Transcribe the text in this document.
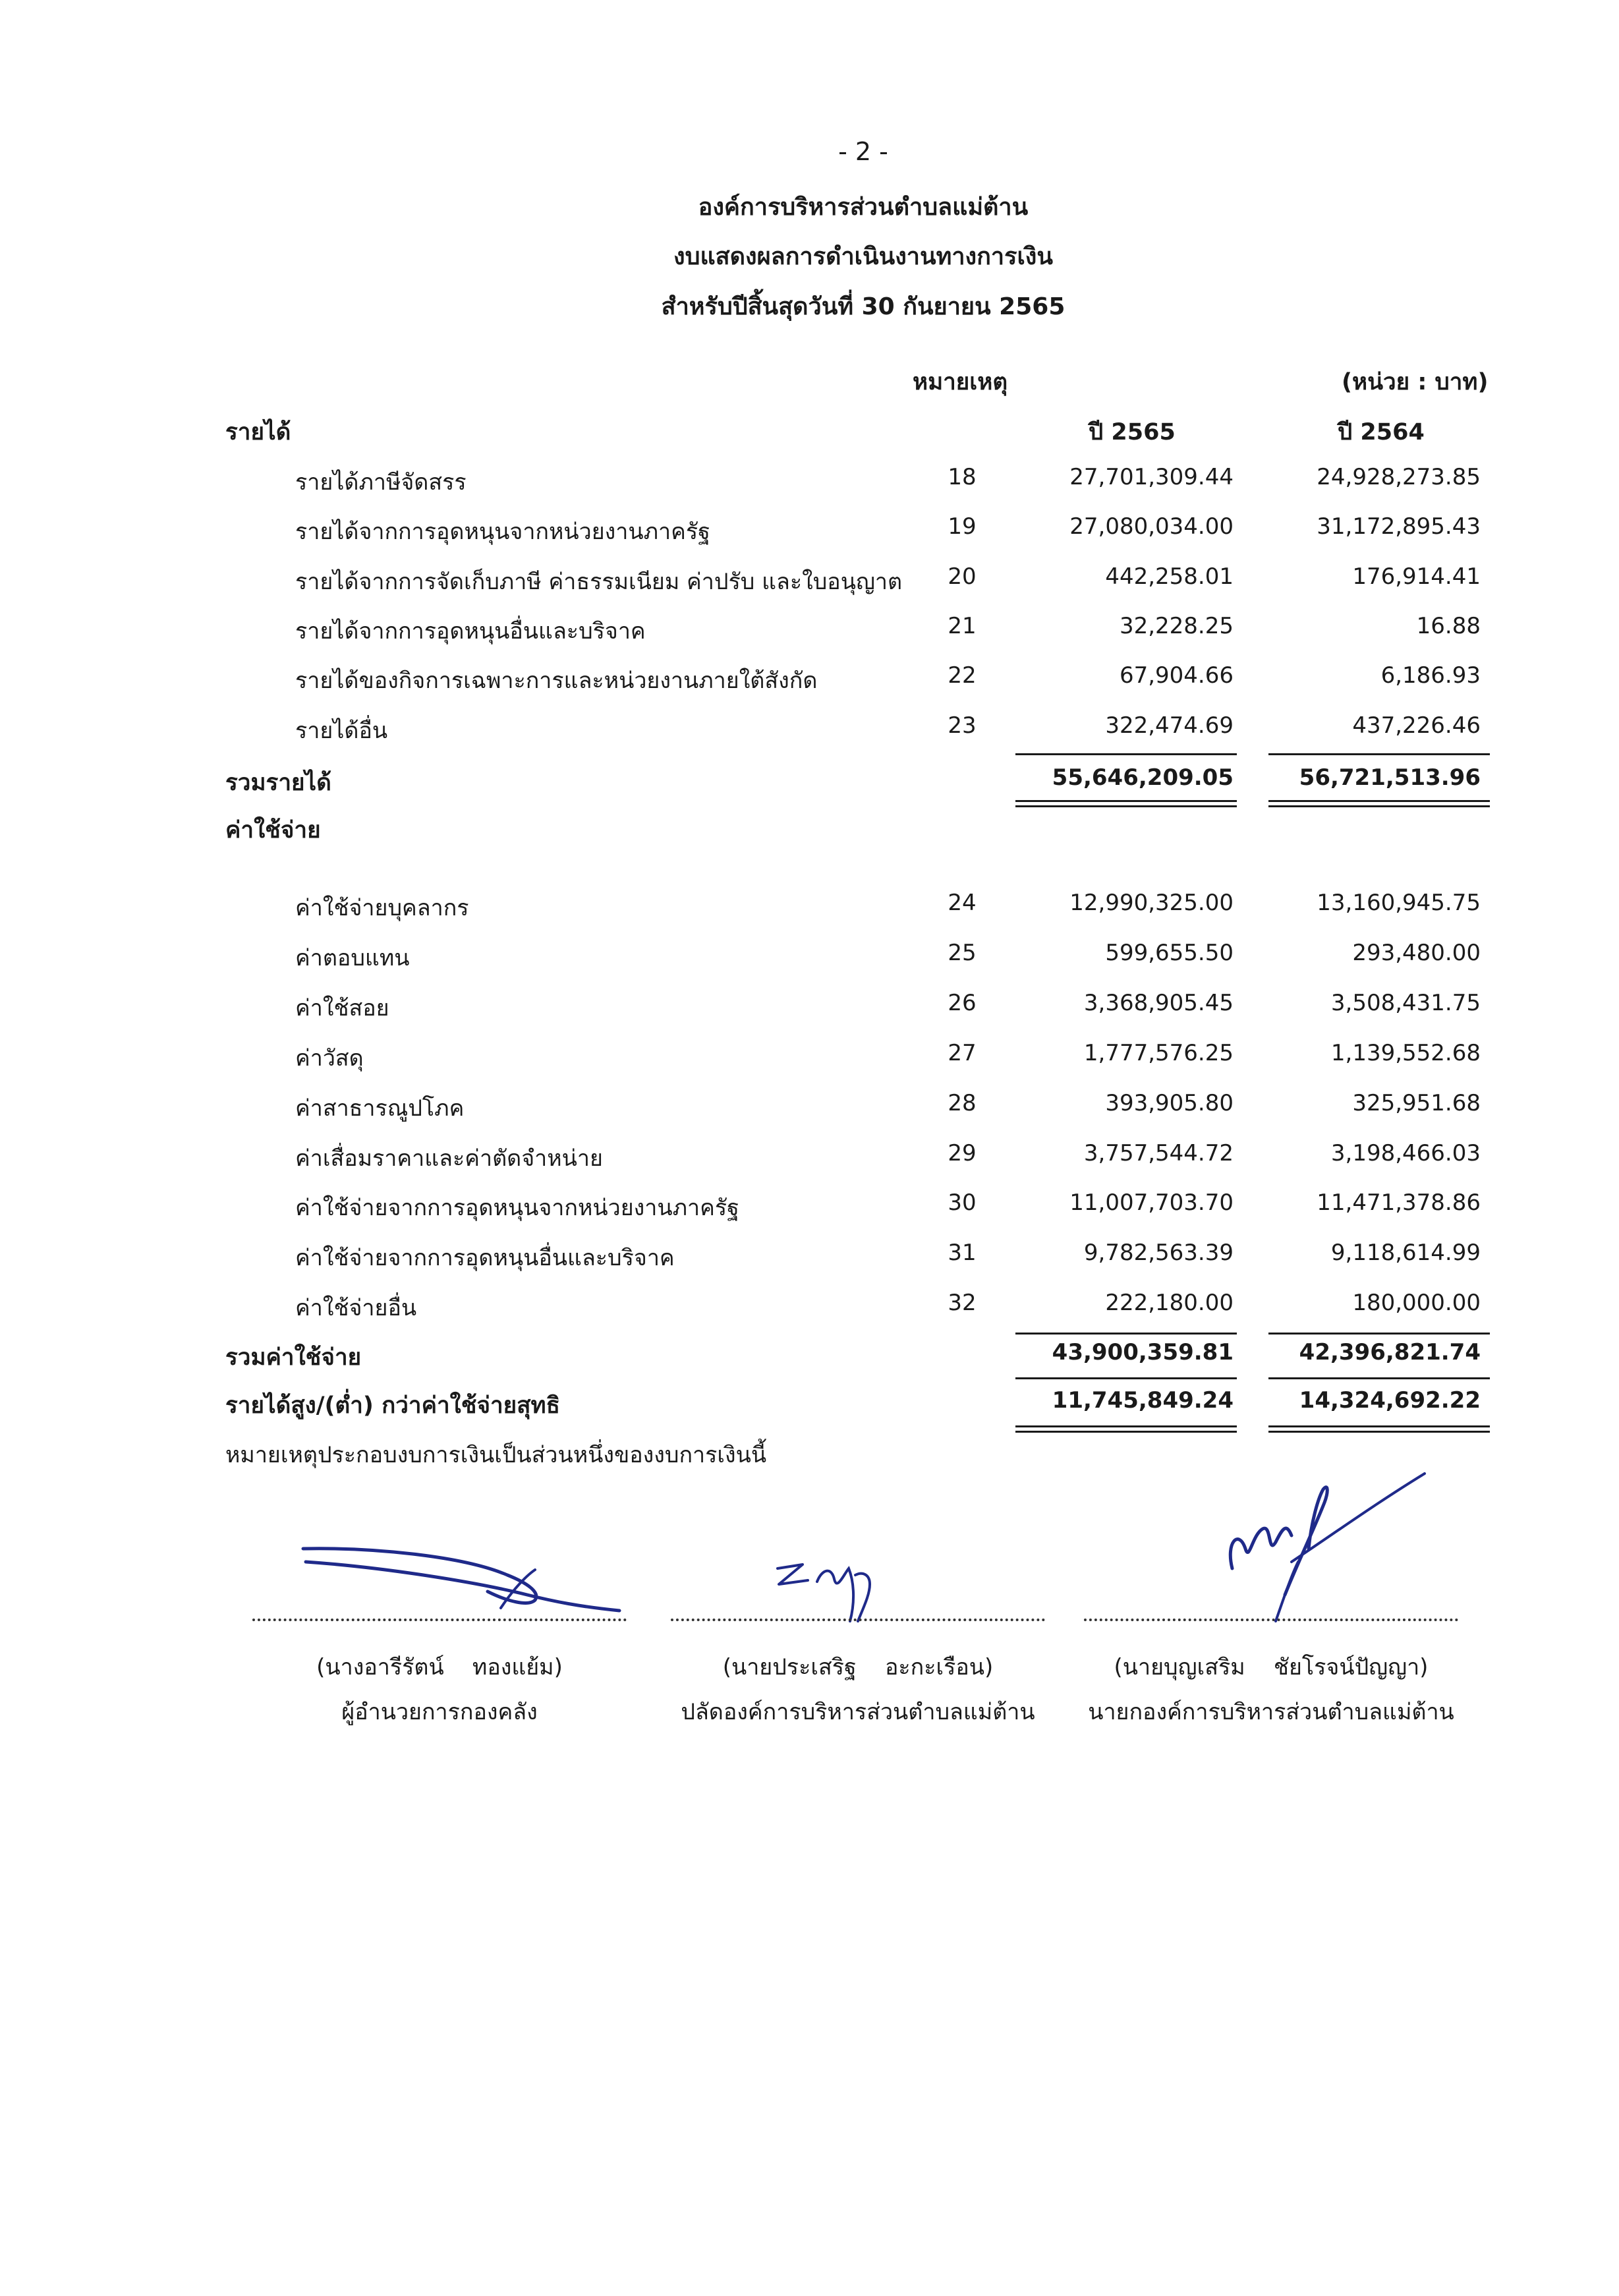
- 2 -
องค์การบริหารส่วนตำบลแม่ต้าน
งบแสดงผลการดำเนินงานทางการเงิน
สำหรับปีสิ้นสุดวันที่ 30 กันยายน 2565
หมายเหตุ	(หน่วย : บาท)
ปี 2565	ปี 2564
รายได้
รายได้ภาษีจัดสรร	18	27,701,309.44	24,928,273.85
รายได้จากการอุดหนุนจากหน่วยงานภาครัฐ	19	27,080,034.00	31,172,895.43
รายได้จากการจัดเก็บภาษี ค่าธรรมเนียม ค่าปรับ และใบอนุญาต	20	442,258.01	176,914.41
รายได้จากการอุดหนุนอื่นและบริจาค	21	32,228.25	16.88
รายได้ของกิจการเฉพาะการและหน่วยงานภายใต้สังกัด	22	67,904.66	6,186.93
รายได้อื่น	23	322,474.69	437,226.46
รวมรายได้	55,646,209.05	56,721,513.96
ค่าใช้จ่าย
ค่าใช้จ่ายบุคลากร	24	12,990,325.00	13,160,945.75
ค่าตอบแทน	25	599,655.50	293,480.00
ค่าใช้สอย	26	3,368,905.45	3,508,431.75
ค่าวัสดุ	27	1,777,576.25	1,139,552.68
ค่าสาธารณูปโภค	28	393,905.80	325,951.68
ค่าเสื่อมราคาและค่าตัดจำหน่าย	29	3,757,544.72	3,198,466.03
ค่าใช้จ่ายจากการอุดหนุนจากหน่วยงานภาครัฐ	30	11,007,703.70	11,471,378.86
ค่าใช้จ่ายจากการอุดหนุนอื่นและบริจาค	31	9,782,563.39	9,118,614.99
ค่าใช้จ่ายอื่น	32	222,180.00	180,000.00
รวมค่าใช้จ่าย	43,900,359.81	42,396,821.74
รายได้สูง/(ต่ำ) กว่าค่าใช้จ่ายสุทธิ	11,745,849.24	14,324,692.22
หมายเหตุประกอบงบการเงินเป็นส่วนหนึ่งของงบการเงินนี้
(นางอารีรัตน์    ทองแย้ม)	(นายประเสริฐ    อะกะเรือน)	(นายบุญเสริม    ชัยโรจน์ปัญญา)
ผู้อำนวยการกองคลัง	ปลัดองค์การบริหารส่วนตำบลแม่ต้าน	นายกองค์การบริหารส่วนตำบลแม่ต้าน
